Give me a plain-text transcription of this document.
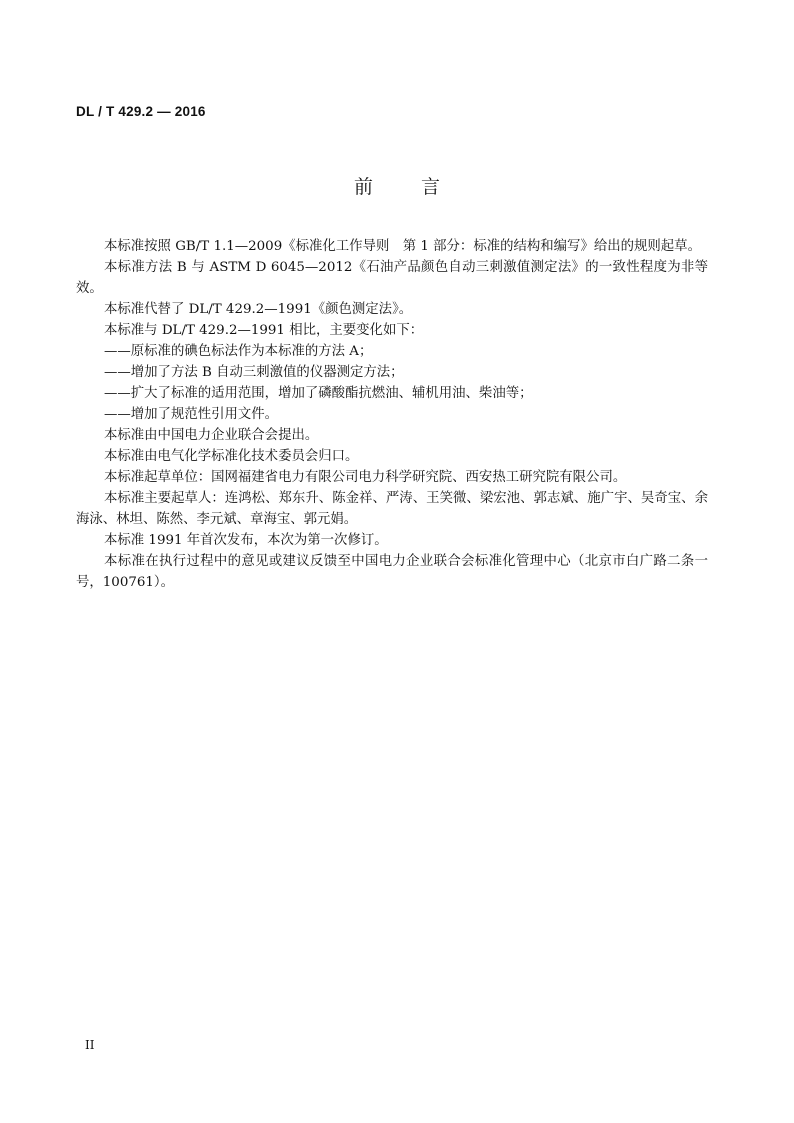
DL / T 429.2 — 2016
前言

本标准按照 GB/T 1.1—2009《标准化工作导则　第 1 部分：标准的结构和编写》给出的规则起草。

本标准方法 B 与 ASTM D 6045—2012《石油产品颜色自动三刺激值测定法》的一致性程度为非等效。

本标准代替了 DL/T 429.2—1991《颜色测定法》。

本标准与 DL/T 429.2—1991 相比，主要变化如下：

——原标准的碘色标法作为本标准的方法 A；

——增加了方法 B 自动三刺激值的仪器测定方法；

——扩大了标准的适用范围，增加了磷酸酯抗燃油、辅机用油、柴油等；

——增加了规范性引用文件。

本标准由中国电力企业联合会提出。

本标准由电气化学标准化技术委员会归口。

本标准起草单位：国网福建省电力有限公司电力科学研究院、西安热工研究院有限公司。

本标准主要起草人：连鸿松、郑东升、陈金祥、严涛、王笑微、梁宏池、郭志斌、施广宇、吴奇宝、余海泳、林坦、陈然、李元斌、章海宝、郭元娟。

本标准 1991 年首次发布，本次为第一次修订。

本标准在执行过程中的意见或建议反馈至中国电力企业联合会标准化管理中心（北京市白广路二条一号，100761）。

II
